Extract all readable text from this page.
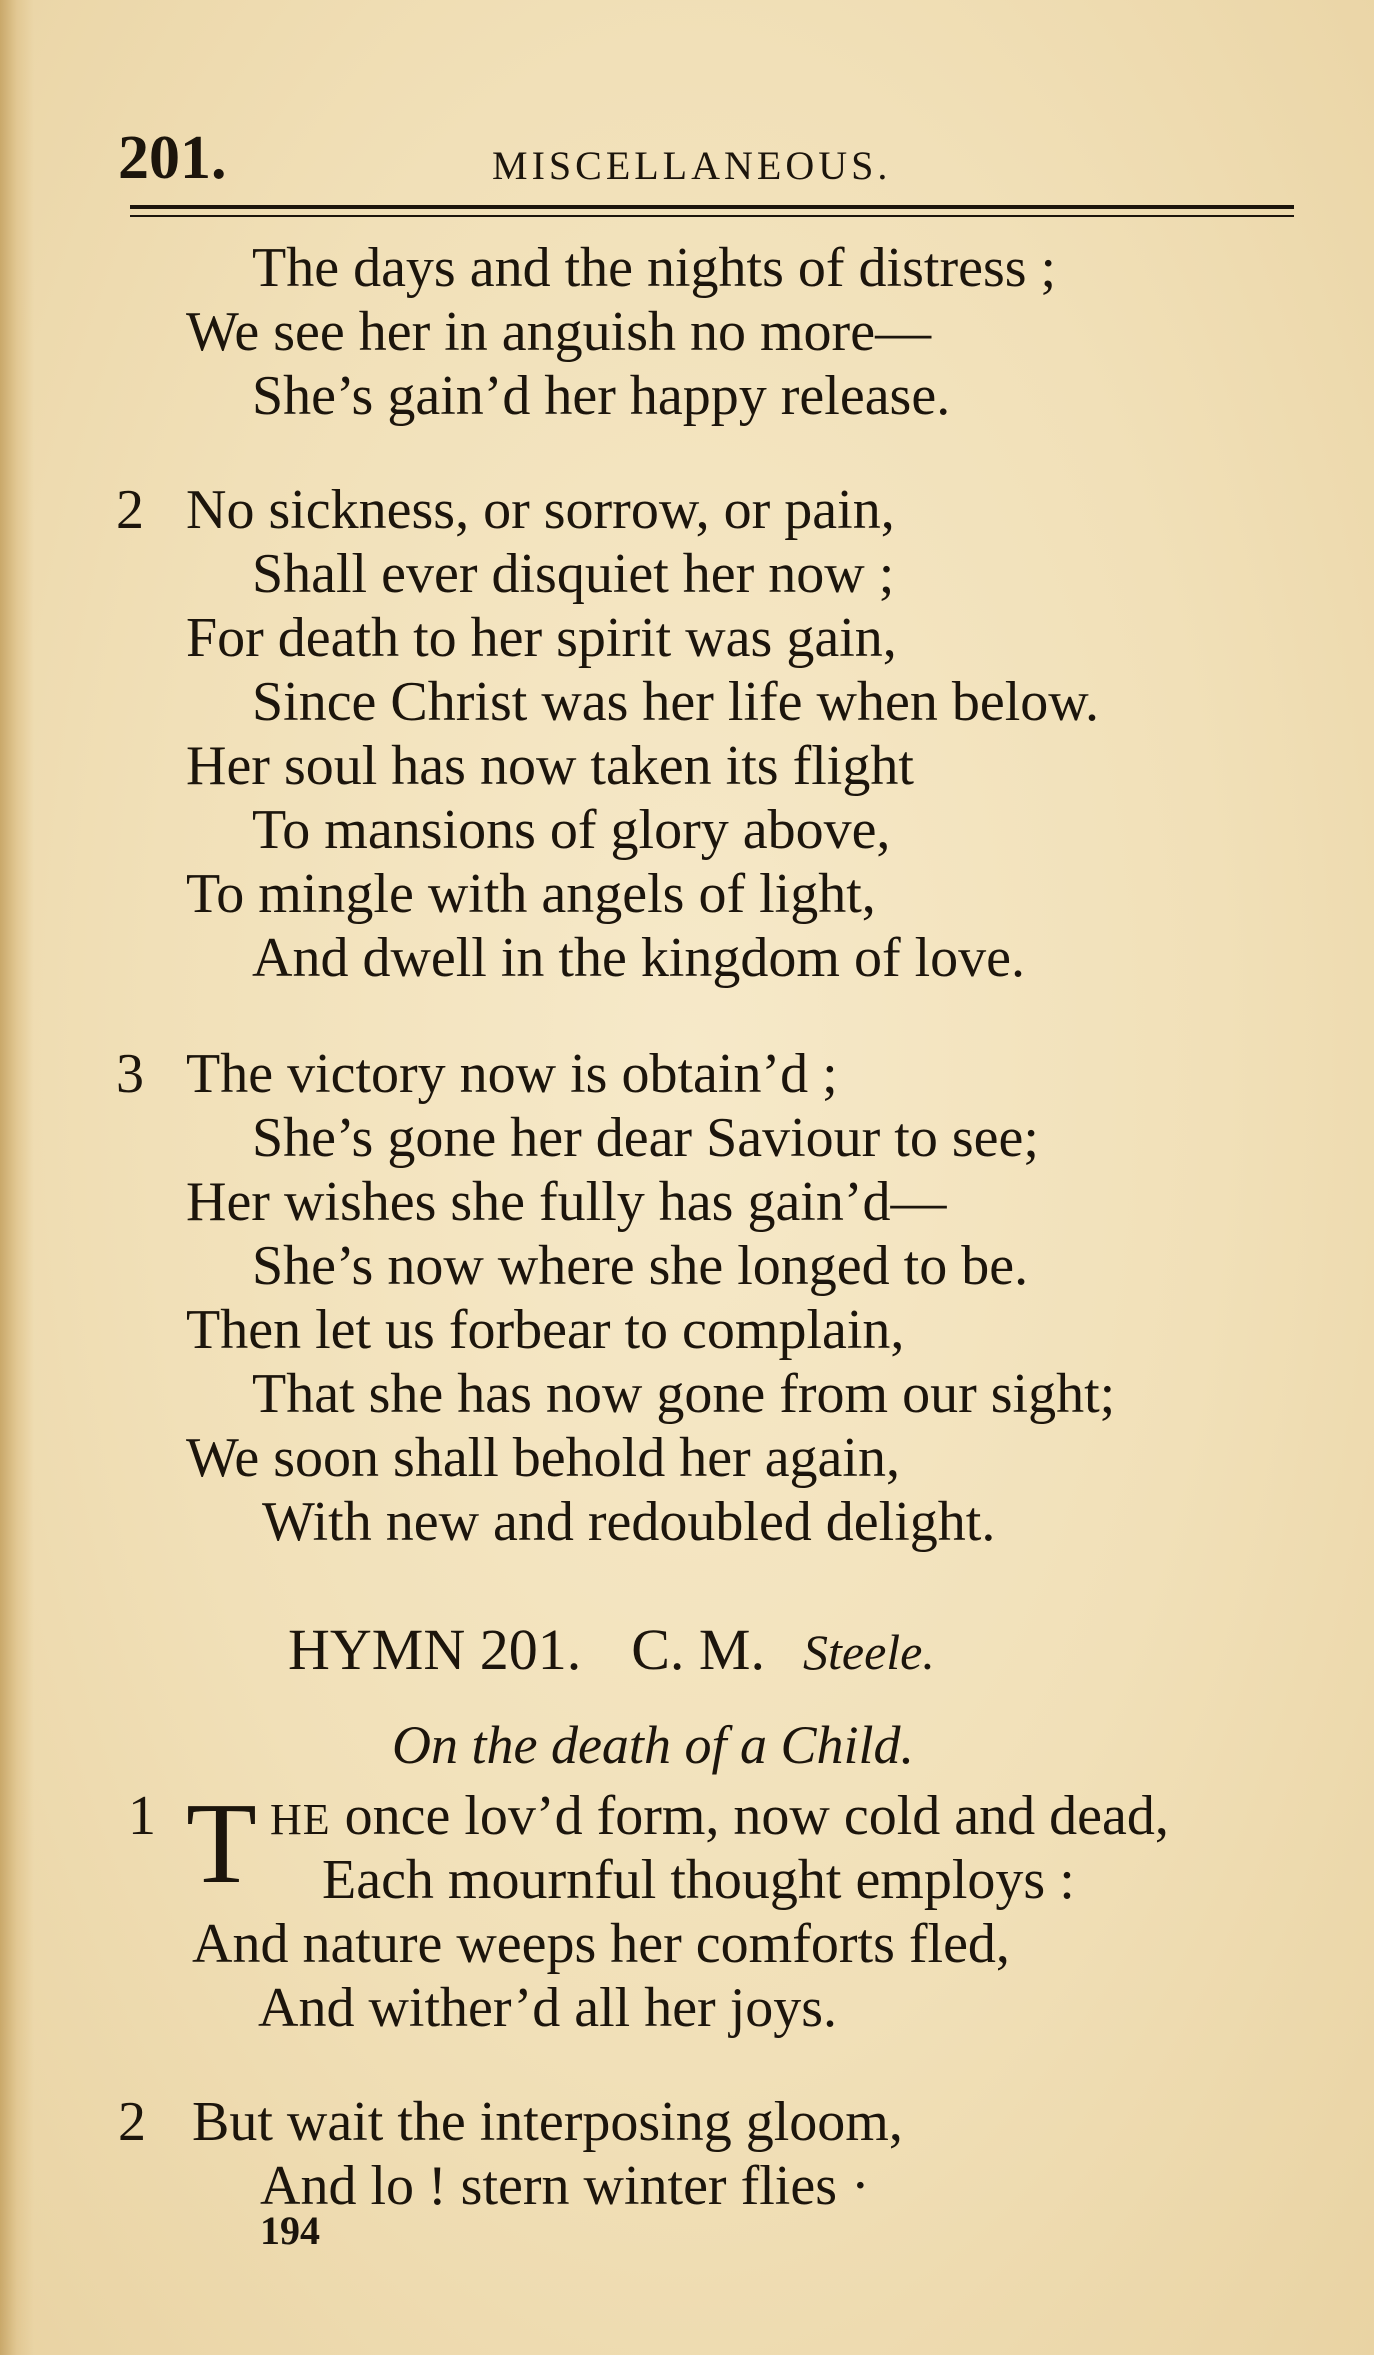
201.	MISCELLANEOUS.
The days and the nights of distress ;
We see her in anguish no more—
She’s gain’d her happy release.
2 No sickness, or sorrow, or pain,
Shall ever disquiet her now ;
For death to her spirit was gain,
Since Christ was her life when below.
Her soul has now taken its flight
To mansions of glory above,
To mingle with angels of light,
And dwell in the kingdom of love.
3 The victory now is obtain’d ;
She’s gone her dear Saviour to see;
Her wishes she fully has gain’d—
She’s now where she longed to be.
Then let us forbear to complain,
That she has now gone from our sight;
We soon shall behold her again,
With new and redoubled delight.
HYMN 201. C. M. Steele.
On the death of a Child.
1 T HE once lov’d form, now cold and dead,
Each mournful thought employs :
And nature weeps her comforts fled,
And wither’d all her joys.
2 But wait the interposing gloom,
And lo ! stern winter flies ·
194
